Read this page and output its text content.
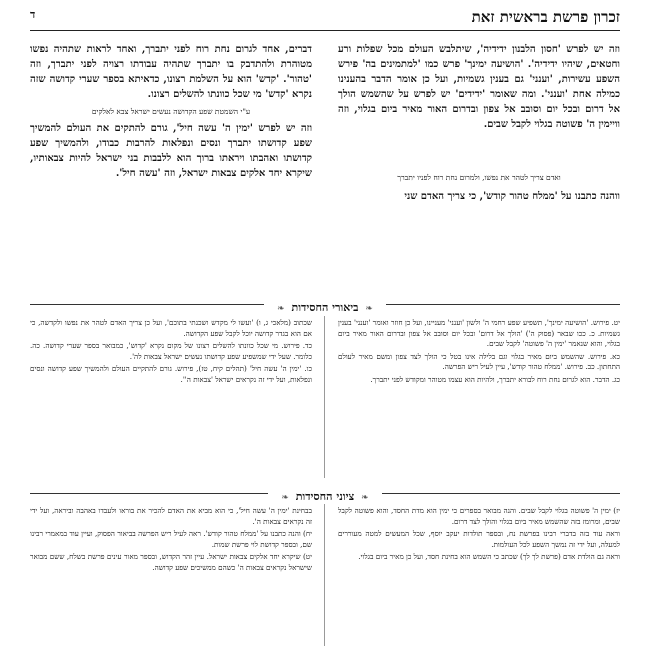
זכרון פרשת בראשית זאת
ד

וזה יש לפרש 'חסון הלבנון ידידיה', שיתלבש העולם מכל שפלות ורע וחטאים, שיהיו ידידיה'. 'הושיעה ימינך' פרש כמו 'למתמינים בה' פירש השפע עשירות, 'וענני' גם בענין גשמיות, ועל כן אומר הדבר בהענינו כמילה אחת 'וענני'. ומה שאומר 'ידידים' יש לפרש על שהשמש הולך אל דרום ובכל יום וסובב אל צפון ובדרום האור מאיר ביום בגלוי, וזה וויימין ה' פשוטה בגלוי לקבל שבים.

ואדם צריך לטהר את נפשו, ולמרום נחת רוח לפניו יתברך

ווהנה כתבנו על 'ממלח טהור קודש', כי צריך האדם שני

דברים, אחד לגרום נחת רוח לפני יתברך, ואחד לראות שתהיה נפשו מטוהרת ולהתדבק בו יתברך שתהיה עבודתו רצויה לפני יתברך, וזה 'טהור'. 'קדש' הוא על השלמת רצונו, כדאיתא בספר שערי קדושה שזה נקרא 'קדש' מי שכל כוונתו להשלים רצונו.

ע"י השמטת שפע הקדושה נעשים ישראל צבא לאלקים

וזה יש לפרש 'ימין ה' עשה חיל', גורם להתקים את העולם להמשיך שפע קדושתו יתברך ונסים ונפלאות להרבות כבודו, ולהמשיך שפע קדושתו ואהבתו ויראתו ברוך הוא ללבבות בני ישראל להיות צבאותיו, שיקרא יחד אלקים צבאות ישראל, וזה 'עשה חיל'.

❧ ביאורי החסידות ❧

יט. פירוש. 'הושיעה ימינך', תשפיע שפע רחמי ה' ולשון 'וענני' מעניינו, ועל כן חוזר ואומר 'וענני' בענין גשמיות. כ. ככו שבאר (פסוק ה') 'הולך אל דרום' ובכל יום וסובב אל צפון ובדרום האור מאיר ביום בגלוי, והוא שנאמר 'ימין ה' פשוטה' לקבל שבים.

כא. פירוש. שהשמש ביום מאיר בגלוי וגם בלילה אינו בטל כי הולך לצד צפון ומשם מאיר לעולם התחתון. כב. פירוש. 'ממלח טהור קודש', עיין לעיל ריש הפרשה.

כג. הדבר. הוא לגרום נחת רוח לבורא יתברך, ולהיות הוא עצמו מטוהר ומקודש לפני יתברך.

שכתוב (מלאכי ג, ו) 'ועשו לי מקדש ושכנתי בתוכם', ועל כן צריך האדם לטהר את נפשו ולקדשה, כי אם הוא בגדר קדושה יוכל לקבל שפע הקדושה.

כד. פירוש. מי שכל כוונתו להשלים רצונו של מקום נקרא 'קדוש', כמבואר בספר שערי קדושה. כה. כלומר. שעל ידי שמשפיע שפע קדושתו נעשים ישראל צבאות לה'.

כו. 'ימין ה' עשה חיל' (תהלים קיח, טז), פירוש. גורם להתקיים העולם ולהמשיך שפע קדושה ונסים ונפלאות, ועל ידי זה נקראים ישראל 'צבאות ה''.

❧ ציוני החסידות ❧

יז) ימין ה' פשוטה בגלוי לקבל שבים. והנה מבואר בספרים כי ימין הוא מדת החסד, והוא פשוטה לקבל שבים, ומרומז בזה שהשמש מאיר ביום בגלוי והולך לצד דרום.

וראה עוד בזה בדברי רבינו בפרשת נח, ובספר תולדות יעקב יוסף, שכל המעשים למטה מעוררים למעלה, ועל ידי זה נמשך השפע לכל העולמות.

וראה גם הולדת אדם (פרשת לך לך) שכתב כי השמש הוא בחינת חסד, ועל כן מאיר ביום בגלוי.

בבחינת 'ימין ה' עשה חיל', כי הוא מביא את האדם להכיר את בוראו ולעבדו באהבה וביראה, ועל ידי זה נקראים צבאות ה'.

יח) והנה כתבנו על 'ממלח טהור קודש'. ראה לעיל ריש הפרשה בביאור הפסוק, ועיין עוד במאמרי רבינו שם, ובספר קדושת לוי פרשת שמות.

יט) שיקרא יחד אלקים צבאות ישראל. עיין זהר הקדוש, ובספר מאור עינים פרשת בשלח, ששם מבואר שישראל נקראים צבאות ה' כשהם ממשיכים שפע קדושה.
